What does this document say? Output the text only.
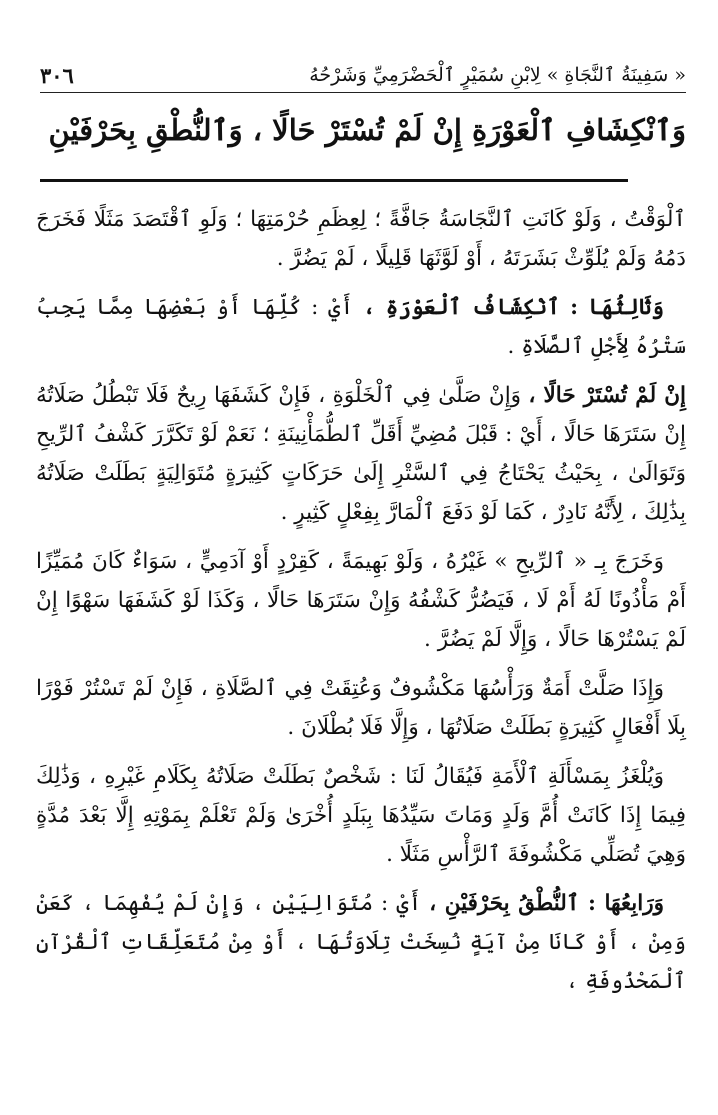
« سَفِينَةُ ٱلنَّجَاةِ » لِابْنِ سُمَيْرٍ ٱلْحَضْرَمِيِّ وَشَرْحُهُ
٣٠٦
وَٱنْكِشَافِ ٱلْعَوْرَةِ إِنْ لَمْ تُسْتَرْ حَالًا ، وَٱلنُّطْقِ بِحَرْفَيْنِ

ٱلْوَقْتُ ، وَلَوْ كَانَتِ ٱلنَّجَاسَةُ جَافَّةً ؛ لِعِظَمِ حُرْمَتِهَا ؛ وَلَوِ ٱقْتَصَدَ مَثَلًا فَخَرَجَ دَمُهُ وَلَمْ يُلَوِّثْ بَشَرَتَهُ ، أَوْ لَوَّثَهَا قَلِيلًا ، لَمْ يَضُرَّ .

وَثَالِثُهَا : ٱنْكِشَافُ ٱلْعَوْرَةِ ، أَيْ : كُلِّهَا أَوْ بَعْضِهَا مِمَّا يَجِبُ سَتْرُهُ لِأَجْلِ ٱلصَّلَاةِ .

إِنْ لَمْ تُسْتَرْ حَالًا ، وَإِنْ صَلَّىٰ فِي ٱلْخَلْوَةِ ، فَإِنْ كَشَفَهَا رِيحٌ فَلَا تَبْطُلُ صَلَاتُهُ إِنْ سَتَرَهَا حَالًا ، أَيْ : قَبْلَ مُضِيِّ أَقَلِّ ٱلطُّمَأْنِينَةِ ؛ نَعَمْ لَوْ تَكَرَّرَ كَشْفُ ٱلرِّيحِ وَتَوَالَىٰ ، بِحَيْثُ يَحْتَاجُ فِي ٱلسَّتْرِ إِلَىٰ حَرَكَاتٍ كَثِيرَةٍ مُتَوَالِيَةٍ بَطَلَتْ صَلَاتُهُ بِذَٰلِكَ ، لِأَنَّهُ نَادِرٌ ، كَمَا لَوْ دَفَعَ ٱلْمَارَّ بِفِعْلٍ كَثِيرٍ .

وَخَرَجَ بِـ « ٱلرِّيحِ » غَيْرُهُ ، وَلَوْ بَهِيمَةً ، كَقِرْدٍ أَوْ آدَمِيٍّ ، سَوَاءٌ كَانَ مُمَيِّزًا أَمْ مَأْذُونًا لَهُ أَمْ لَا ، فَيَضُرُّ كَشْفُهُ وَإِنْ سَتَرَهَا حَالًا ، وَكَذَا لَوْ كَشَفَهَا سَهْوًا إِنْ لَمْ يَسْتُرْهَا حَالًا ، وَإِلَّا لَمْ يَضُرَّ .

وَإِذَا صَلَّتْ أَمَةٌ وَرَأْسُهَا مَكْشُوفٌ وَعُتِقَتْ فِي ٱلصَّلَاةِ ، فَإِنْ لَمْ تَسْتُرْ فَوْرًا بِلَا أَفْعَالٍ كَثِيرَةٍ بَطَلَتْ صَلَاتُهَا ، وَإِلَّا فَلَا بُطْلَانَ .

وَيُلْغَزُ بِمَسْأَلَةِ ٱلْأَمَةِ فَيُقَالُ لَنَا : شَخْصٌ بَطَلَتْ صَلَاتُهُ بِكَلَامِ غَيْرِهِ ، وَذَٰلِكَ فِيمَا إِذَا كَانَتْ أُمَّ وَلَدٍ وَمَاتَ سَيِّدُهَا بِبَلَدٍ أُخْرَىٰ وَلَمْ تَعْلَمْ بِمَوْتِهِ إِلَّا بَعْدَ مُدَّةٍ وَهِيَ تُصَلِّي مَكْشُوفَةَ ٱلرَّأْسِ مَثَلًا .

وَرَابِعُهَا : ٱلنُّطْقُ بِحَرْفَيْنِ ، أَيْ : مُتَوَالِيَيْنِ ، وَإِنْ لَمْ يُفْهِمَا ، كَعَنْ وَمِنْ ، أَوْ كَانَا مِنْ آيَةٍ نُسِخَتْ تِلَاوَتُهَا ، أَوْ مِنْ مُتَعَلِّقَاتِ ٱلْقُرْآنِ ٱلْمَحْذُوفَةِ ،
